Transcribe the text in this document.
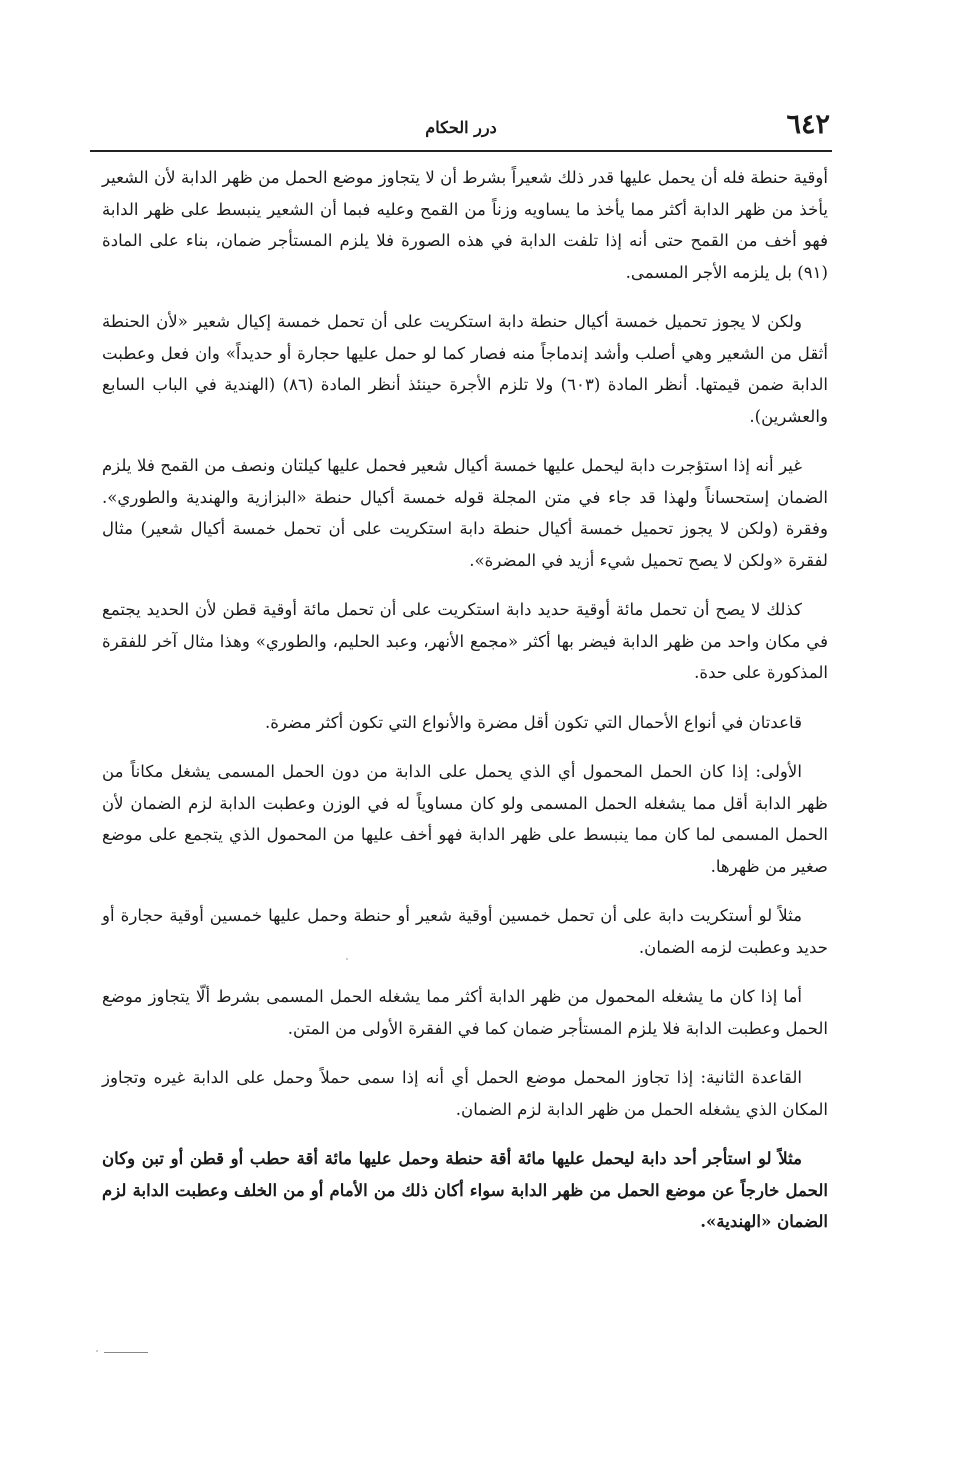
٦٤٢
درر الحكام

أوقية حنطة فله أن يحمل عليها قدر ذلك شعيراً بشرط أن لا يتجاوز موضع الحمل من ظهر الدابة لأن الشعير يأخذ من ظهر الدابة أكثر مما يأخذ ما يساويه وزناً من القمح وعليه فبما أن الشعير ينبسط على ظهر الدابة فهو أخف من القمح حتى أنه إذا تلفت الدابة في هذه الصورة فلا يلزم المستأجر ضمان، بناء على المادة (٩١) بل يلزمه الأجر المسمى.

ولكن لا يجوز تحميل خمسة أكيال حنطة دابة استكريت على أن تحمل خمسة إكيال شعير «لأن الحنطة أثقل من الشعير وهي أصلب وأشد إندماجاً منه فصار كما لو حمل عليها حجارة أو حديداً» وان فعل وعطبت الدابة ضمن قيمتها. أنظر المادة (٦٠٣) ولا تلزم الأجرة حينئذ أنظر المادة (٨٦) (الهندية في الباب السابع والعشرين).

غير أنه إذا استؤجرت دابة ليحمل عليها خمسة أكيال شعير فحمل عليها كيلتان ونصف من القمح فلا يلزم الضمان إستحساناً ولهذا قد جاء في متن المجلة قوله خمسة أكيال حنطة «البزازية والهندية والطوري». وفقرة (ولكن لا يجوز تحميل خمسة أكيال حنطة دابة استكريت على أن تحمل خمسة أكيال شعير) مثال لفقرة «ولكن لا يصح تحميل شيء أزيد في المضرة».

كذلك لا يصح أن تحمل مائة أوقية حديد دابة استكريت على أن تحمل مائة أوقية قطن لأن الحديد يجتمع في مكان واحد من ظهر الدابة فيضر بها أكثر «مجمع الأنهر، وعبد الحليم، والطوري» وهذا مثال آخر للفقرة المذكورة على حدة.

قاعدتان في أنواع الأحمال التي تكون أقل مضرة والأنواع التي تكون أكثر مضرة.

الأولى: إذا كان الحمل المحمول أي الذي يحمل على الدابة من دون الحمل المسمى يشغل مكاناً من ظهر الدابة أقل مما يشغله الحمل المسمى ولو كان مساوياً له في الوزن وعطبت الدابة لزم الضمان لأن الحمل المسمى لما كان مما ينبسط على ظهر الدابة فهو أخف عليها من المحمول الذي يتجمع على موضع صغير من ظهرها.

مثلاً لو أستكريت دابة على أن تحمل خمسين أوقية شعير أو حنطة وحمل عليها خمسين أوقية حجارة أو حديد وعطبت لزمه الضمان.

أما إذا كان ما يشغله المحمول من ظهر الدابة أكثر مما يشغله الحمل المسمى بشرط ألّا يتجاوز موضع الحمل وعطبت الدابة فلا يلزم المستأجر ضمان كما في الفقرة الأولى من المتن.

القاعدة الثانية: إذا تجاوز المحمل موضع الحمل أي أنه إذا سمى حملاً وحمل على الدابة غيره وتجاوز المكان الذي يشغله الحمل من ظهر الدابة لزم الضمان.

مثلاً لو استأجر أحد دابة ليحمل عليها مائة أقة حنطة وحمل عليها مائة أقة حطب أو قطن أو تبن وكان الحمل خارجاً عن موضع الحمل من ظهر الدابة سواء أكان ذلك من الأمام أو من الخلف وعطبت الدابة لزم الضمان «الهندية».
